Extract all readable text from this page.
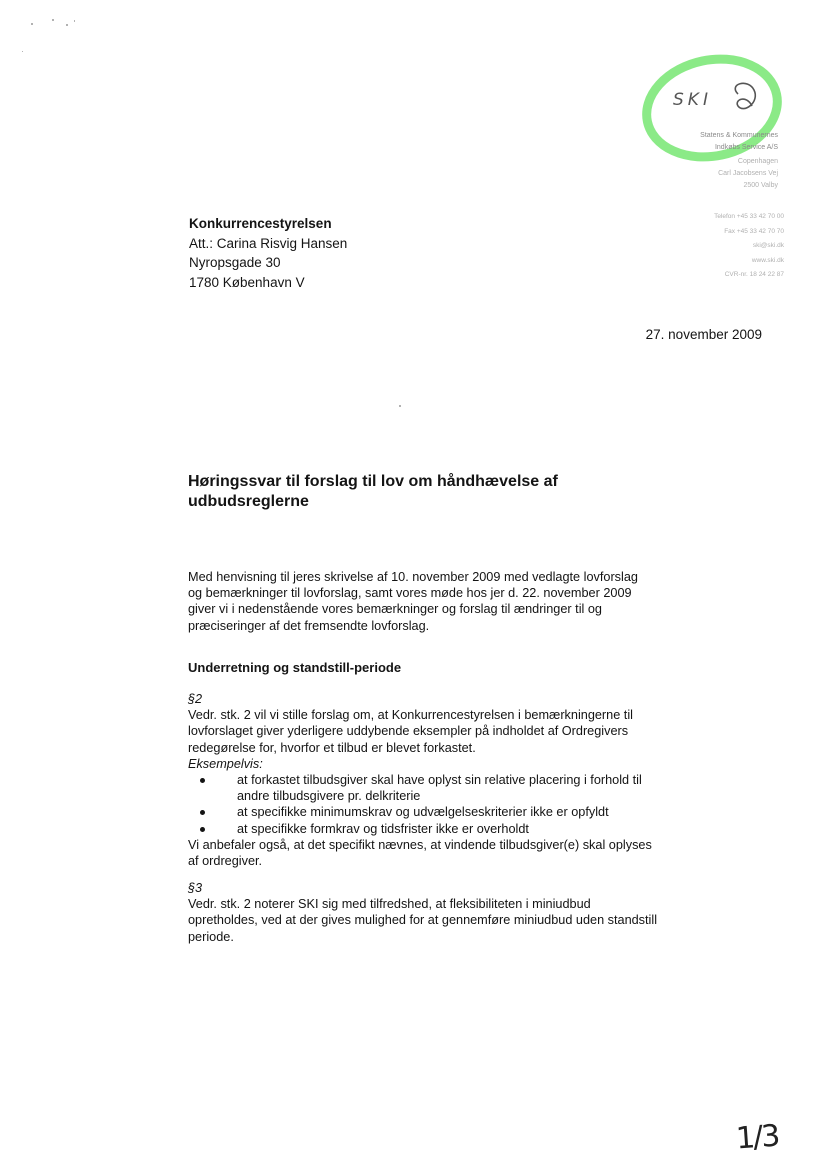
SKI
Statens & Kommunernes
Indkøbs Service A/S
Copenhagen
Carl Jacobsens Vej
2500 Valby
Telefon +45 33 42 70 00
Fax +45 33 42 70 70
ski@ski.dk
www.ski.dk
CVR-nr. 18 24 22 87
Konkurrencestyrelsen
Att.: Carina Risvig Hansen
Nyropsgade 30
1780 København V
27. november 2009
Høringssvar til forslag til lov om håndhævelse af udbudsreglerne
Med henvisning til jeres skrivelse af 10. november 2009 med vedlagte lovforslag og bemærkninger til lovforslag, samt vores møde hos jer d. 22. november 2009 giver vi i nedenstående vores bemærkninger og forslag til ændringer til og præciseringer af det fremsendte lovforslag.
Underretning og standstill-periode
§2
Vedr. stk. 2 vil vi stille forslag om, at Konkurrencestyrelsen i bemærkningerne til lovforslaget giver yderligere uddybende eksempler på indholdet af Ordregivers redegørelse for, hvorfor et tilbud er blevet forkastet.
Eksempelvis:
at forkastet tilbudsgiver skal have oplyst sin relative placering i forhold til andre tilbudsgivere pr. delkriterie
at specifikke minimumskrav og udvælgelseskriterier ikke er opfyldt
at specifikke formkrav og tidsfrister ikke er overholdt
Vi anbefaler også, at det specifikt nævnes, at vindende tilbudsgiver(e) skal oplyses af ordregiver.
§3
Vedr. stk. 2 noterer SKI sig med tilfredshed, at fleksibiliteten i miniudbud opretholdes, ved at der gives mulighed for at gennemføre miniudbud uden standstill periode.
1/3
